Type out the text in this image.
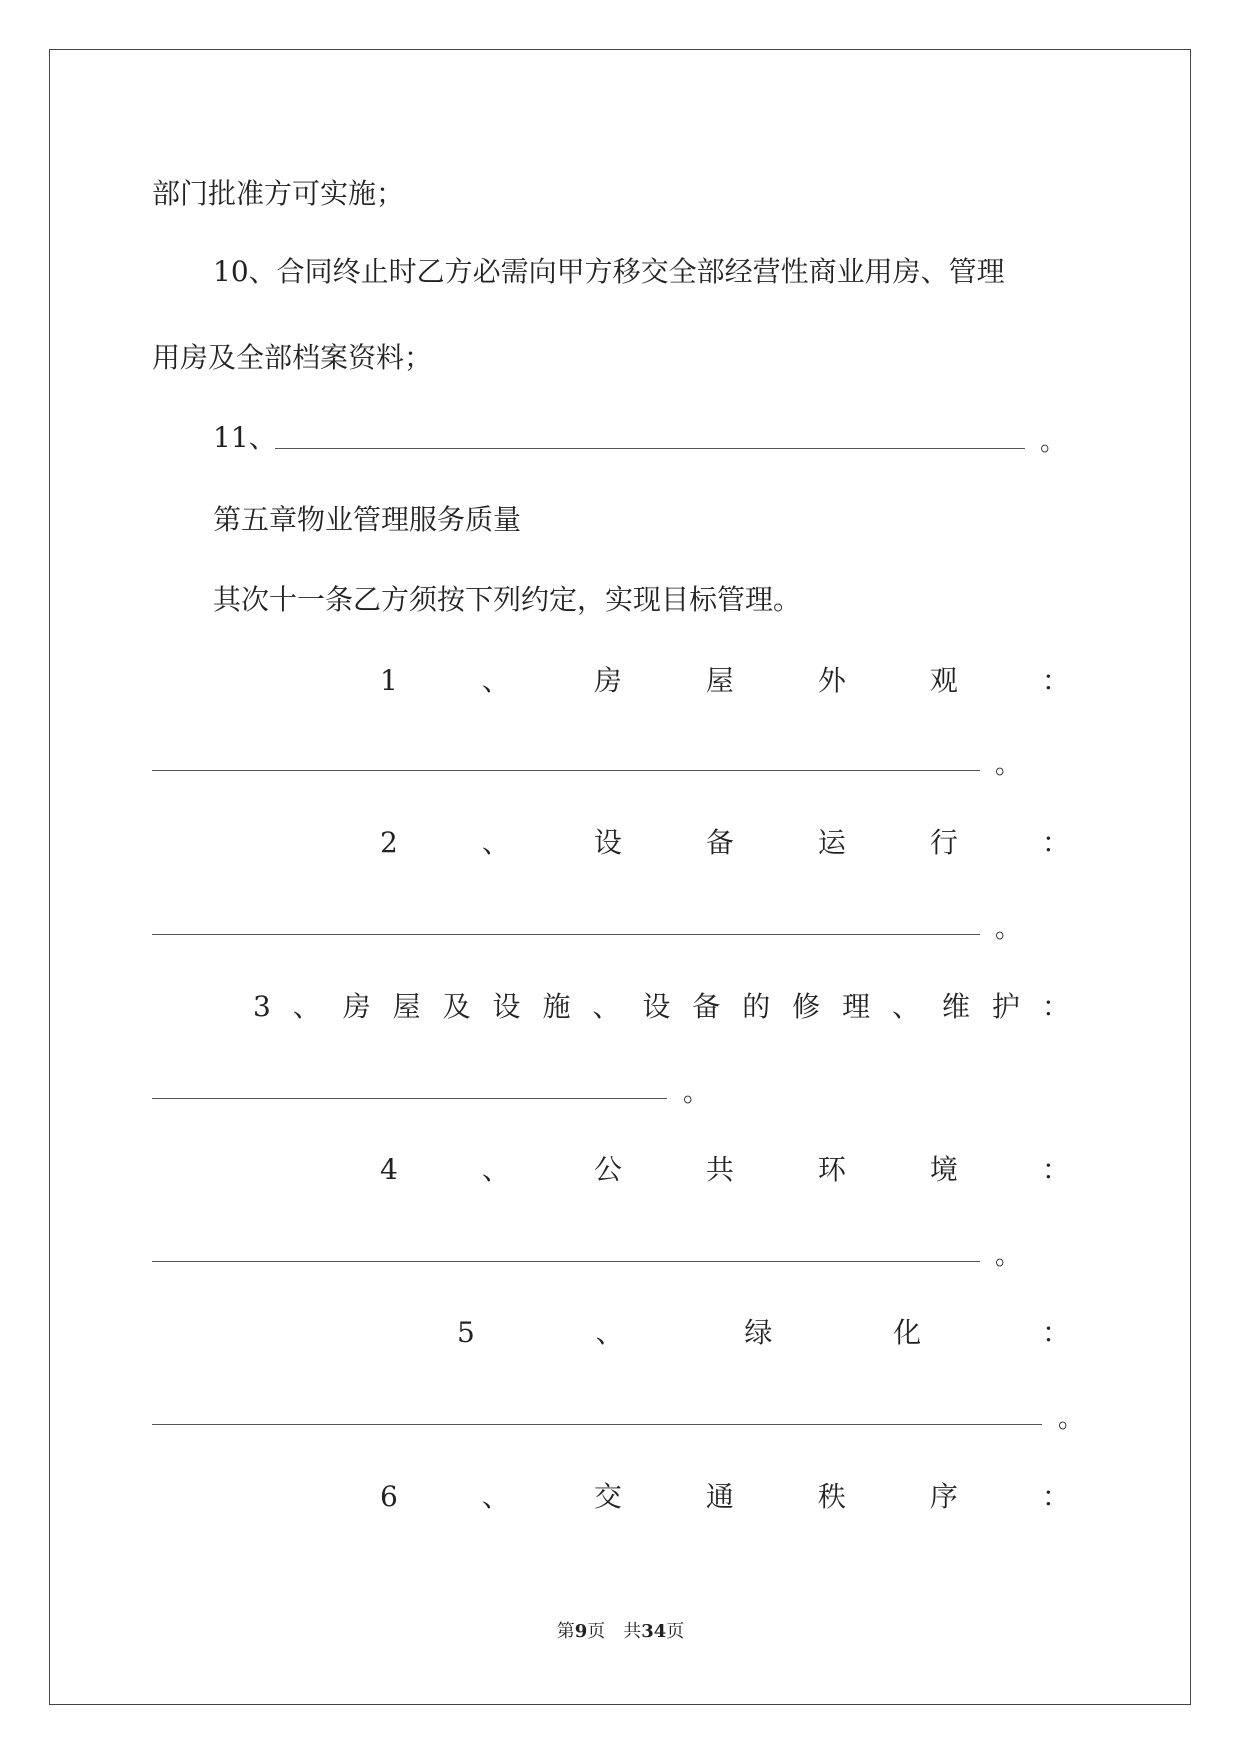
部门批准方可实施；
10、合同终止时乙方必需向甲方移交全部经营性商业用房、管理
用房及全部档案资料；
11、	。
第五章物业管理服务质量
其次十一条乙方须按下列约定，实现目标管理。
1	、	房	屋	外	观	：
。
2	、	设	备	运	行	：
。
3 、 房 屋 及 设 施 、 设 备 的 修 理 、 维 护 ：
。
4	、	公	共	环	境	：
。
5	、	绿	化	：
。
6	、	交	通	秩	序	：
第9页　共34页
